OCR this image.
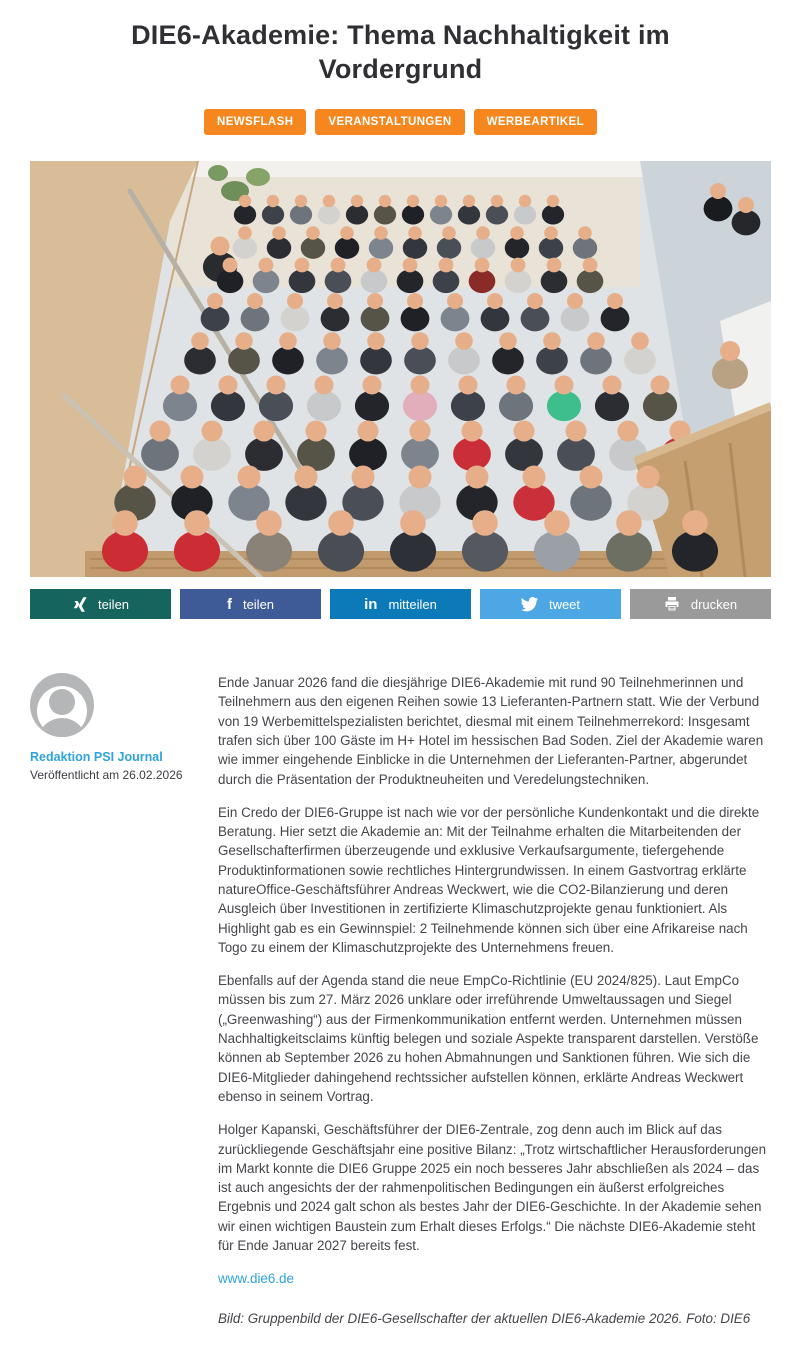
DIE6-Akademie: Thema Nachhaltigkeit im Vordergrund
NEWSFLASH	VERANSTALTUNGEN	WERBEARTIKEL
teilen	f teilen	in mitteilen	tweet	drucken
Redaktion PSI Journal
Veröffentlicht am 26.02.2026

Ende Januar 2026 fand die diesjährige DIE6-Akademie mit rund 90 Teilnehmerinnen und Teilnehmern aus den eigenen Reihen sowie 13 Lieferanten-Partnern statt. Wie der Verbund von 19 Werbemittelspezialisten berichtet, diesmal mit einem Teilnehmerrekord: Insgesamt trafen sich über 100 Gäste im H+ Hotel im hessischen Bad Soden. Ziel der Akademie waren wie immer eingehende Einblicke in die Unternehmen der Lieferanten-Partner, abgerundet durch die Präsentation der Produktneuheiten und Veredelungstechniken.

Ein Credo der DIE6-Gruppe ist nach wie vor der persönliche Kundenkontakt und die direkte Beratung. Hier setzt die Akademie an: Mit der Teilnahme erhalten die Mitarbeitenden der Gesellschafterfirmen überzeugende und exklusive Verkaufsargumente, tiefergehende Produktinformationen sowie rechtliches Hintergrundwissen. In einem Gastvortrag erklärte natureOffice-Geschäftsführer Andreas Weckwert, wie die CO2-Bilanzierung und deren Ausgleich über Investitionen in zertifizierte Klimaschutzprojekte genau funktioniert. Als Highlight gab es ein Gewinnspiel: 2 Teilnehmende können sich über eine Afrikareise nach Togo zu einem der Klimaschutzprojekte des Unternehmens freuen.

Ebenfalls auf der Agenda stand die neue EmpCo-Richtlinie (EU 2024/825). Laut EmpCo müssen bis zum 27. März 2026 unklare oder irreführende Umweltaussagen und Siegel („Greenwashing“) aus der Firmenkommunikation entfernt werden. Unternehmen müssen Nachhaltigkeitsclaims künftig belegen und soziale Aspekte transparent darstellen. Verstöße können ab September 2026 zu hohen Abmahnungen und Sanktionen führen. Wie sich die DIE6-Mitglieder dahingehend rechtssicher aufstellen können, erklärte Andreas Weckwert ebenso in seinem Vortrag.

Holger Kapanski, Geschäftsführer der DIE6-Zentrale, zog denn auch im Blick auf das zurückliegende Geschäftsjahr eine positive Bilanz: „Trotz wirtschaftlicher Herausforderungen im Markt konnte die DIE6 Gruppe 2025 ein noch besseres Jahr abschließen als 2024 – das ist auch angesichts der der rahmenpolitischen Bedingungen ein äußerst erfolgreiches Ergebnis und 2024 galt schon als bestes Jahr der DIE6-Geschichte. In der Akademie sehen wir einen wichtigen Baustein zum Erhalt dieses Erfolgs.“ Die nächste DIE6-Akademie steht für Ende Januar 2027 bereits fest.

www.die6.de

Bild: Gruppenbild der DIE6-Gesellschafter der aktuellen DIE6-Akademie 2026. Foto: DIE6
